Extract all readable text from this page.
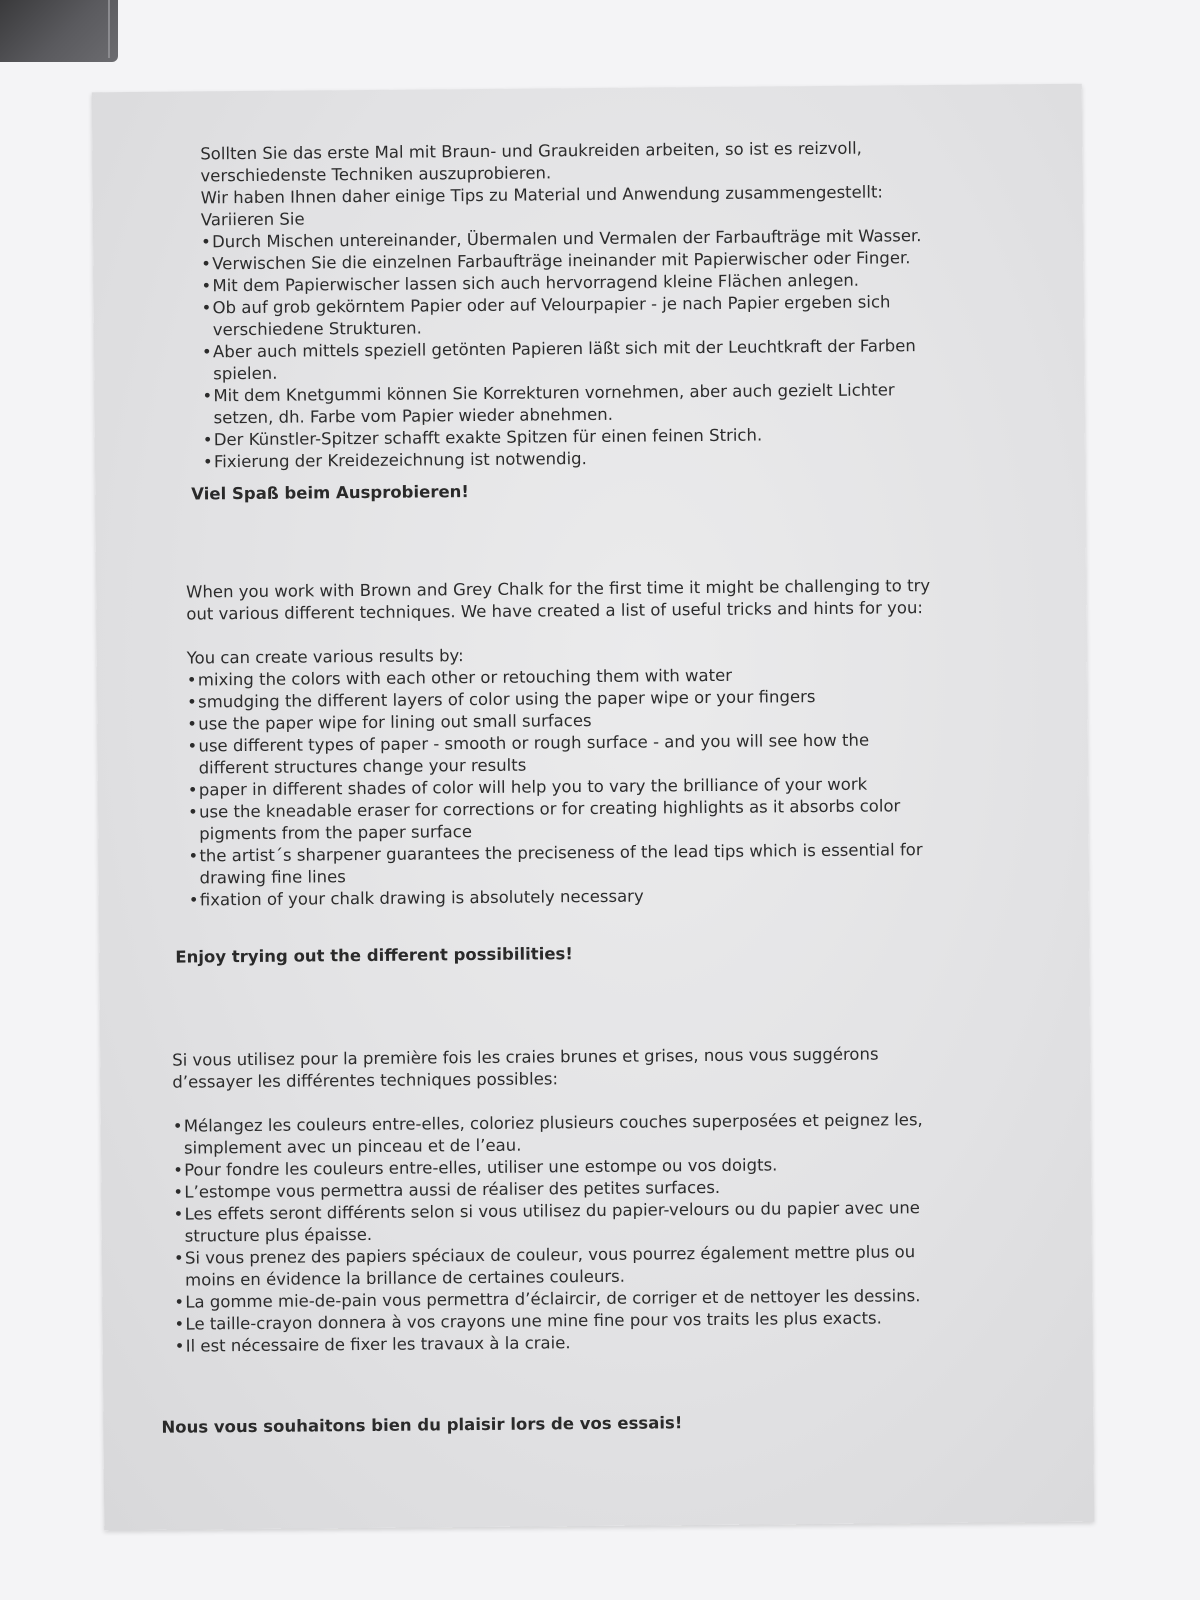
Sollten Sie das erste Mal mit Braun- und Graukreiden arbeiten, so ist es reizvoll,

verschiedenste Techniken auszuprobieren.

Wir haben Ihnen daher einige Tips zu Material und Anwendung zusammengestellt:

Variieren Sie

• Durch Mischen untereinander, Übermalen und Vermalen der Farbaufträge mit Wasser.
• Verwischen Sie die einzelnen Farbaufträge ineinander mit Papierwischer oder Finger.
• Mit dem Papierwischer lassen sich auch hervorragend kleine Flächen anlegen.
• Ob auf grob gekörntem Papier oder auf Velourpapier - je nach Papier ergeben sich
verschiedene Strukturen.
• Aber auch mittels speziell getönten Papieren läßt sich mit der Leuchtkraft der Farben
spielen.
• Mit dem Knetgummi können Sie Korrekturen vornehmen, aber auch gezielt Lichter
setzen, dh. Farbe vom Papier wieder abnehmen.
• Der Künstler-Spitzer schafft exakte Spitzen für einen feinen Strich.
• Fixierung der Kreidezeichnung ist notwendig.
Viel Spaß beim Ausprobieren!

When you work with Brown and Grey Chalk for the first time it might be challenging to try

out various different techniques. We have created a list of useful tricks and hints for you:

You can create various results by:

• mixing the colors with each other or retouching them with water
• smudging the different layers of color using the paper wipe or your fingers
• use the paper wipe for lining out small surfaces
• use different types of paper - smooth or rough surface - and you will see how the
different structures change your results
• paper in different shades of color will help you to vary the brilliance of your work
• use the kneadable eraser for corrections or for creating highlights as it absorbs color
pigments from the paper surface
• the artist´s sharpener guarantees the preciseness of the lead tips which is essential for
drawing fine lines
• fixation of your chalk drawing is absolutely necessary
Enjoy trying out the different possibilities!

Si vous utilisez pour la première fois les craies brunes et grises, nous vous suggérons

d’essayer les différentes techniques possibles:

• Mélangez les couleurs entre-elles, coloriez plusieurs couches superposées et peignez les,
simplement avec un pinceau et de l’eau.
• Pour fondre les couleurs entre-elles, utiliser une estompe ou vos doigts.
• L’estompe vous permettra aussi de réaliser des petites surfaces.
• Les effets seront différents selon si vous utilisez du papier-velours ou du papier avec une
structure plus épaisse.
• Si vous prenez des papiers spéciaux de couleur, vous pourrez également mettre plus ou
moins en évidence la brillance de certaines couleurs.
• La gomme mie-de-pain vous permettra d’éclaircir, de corriger et de nettoyer les dessins.
• Le taille-crayon donnera à vos crayons une mine fine pour vos traits les plus exacts.
• Il est nécessaire de fixer les travaux à la craie.
Nous vous souhaitons bien du plaisir lors de vos essais!
